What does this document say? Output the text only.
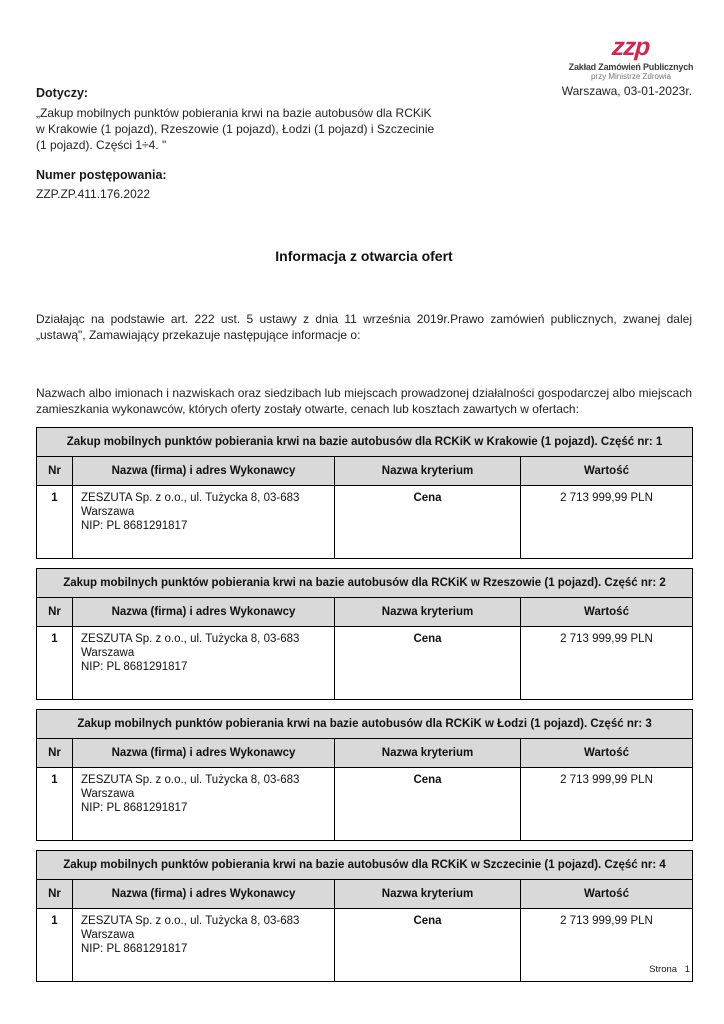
zzp
Zakład Zamówień Publicznych
przy Ministrze Zdrowia
Warszawa, 03-01-2023r.
Dotyczy:
„Zakup mobilnych punktów pobierania krwi na bazie autobusów dla RCKiK w Krakowie (1 pojazd), Rzeszowie (1 pojazd), Łodzi (1 pojazd) i Szczecinie (1 pojazd). Części 1÷4. "
Numer postępowania:
ZZP.ZP.411.176.2022
Informacja z otwarcia ofert
Działając na podstawie art. 222 ust. 5 ustawy z dnia 11 września 2019r.Prawo zamówień publicznych, zwanej dalej „ustawą", Zamawiający przekazuje następujące informacje o:
Nazwach albo imionach i nazwiskach oraz siedzibach lub miejscach prowadzonej działalności gospodarczej albo miejscach zamieszkania wykonawców, których oferty zostały otwarte, cenach lub kosztach zawartych w ofertach:
Zakup mobilnych punktów pobierania krwi na bazie autobusów dla RCKiK w Krakowie (1 pojazd). Część nr: 1			
Nr	Nazwa (firma) i adres Wykonawcy	Nazwa kryterium	Wartość
1	ZESZUTA Sp. z o.o., ul. Tużycka 8, 03-683 Warszawa
NIP: PL 8681291817	Cena	2 713 999,99 PLN
Zakup mobilnych punktów pobierania krwi na bazie autobusów dla RCKiK w Rzeszowie (1 pojazd). Część nr: 2			
Nr	Nazwa (firma) i adres Wykonawcy	Nazwa kryterium	Wartość
1	ZESZUTA Sp. z o.o., ul. Tużycka 8, 03-683 Warszawa
NIP: PL 8681291817	Cena	2 713 999,99 PLN
Zakup mobilnych punktów pobierania krwi na bazie autobusów dla RCKiK w Łodzi (1 pojazd). Część nr: 3			
Nr	Nazwa (firma) i adres Wykonawcy	Nazwa kryterium	Wartość
1	ZESZUTA Sp. z o.o., ul. Tużycka 8, 03-683 Warszawa
NIP: PL 8681291817	Cena	2 713 999,99 PLN
Zakup mobilnych punktów pobierania krwi na bazie autobusów dla RCKiK w Szczecinie (1 pojazd). Część nr: 4			
Nr	Nazwa (firma) i adres Wykonawcy	Nazwa kryterium	Wartość
1	ZESZUTA Sp. z o.o., ul. Tużycka 8, 03-683 Warszawa
NIP: PL 8681291817	Cena	2 713 999,99 PLN
Strona 1
